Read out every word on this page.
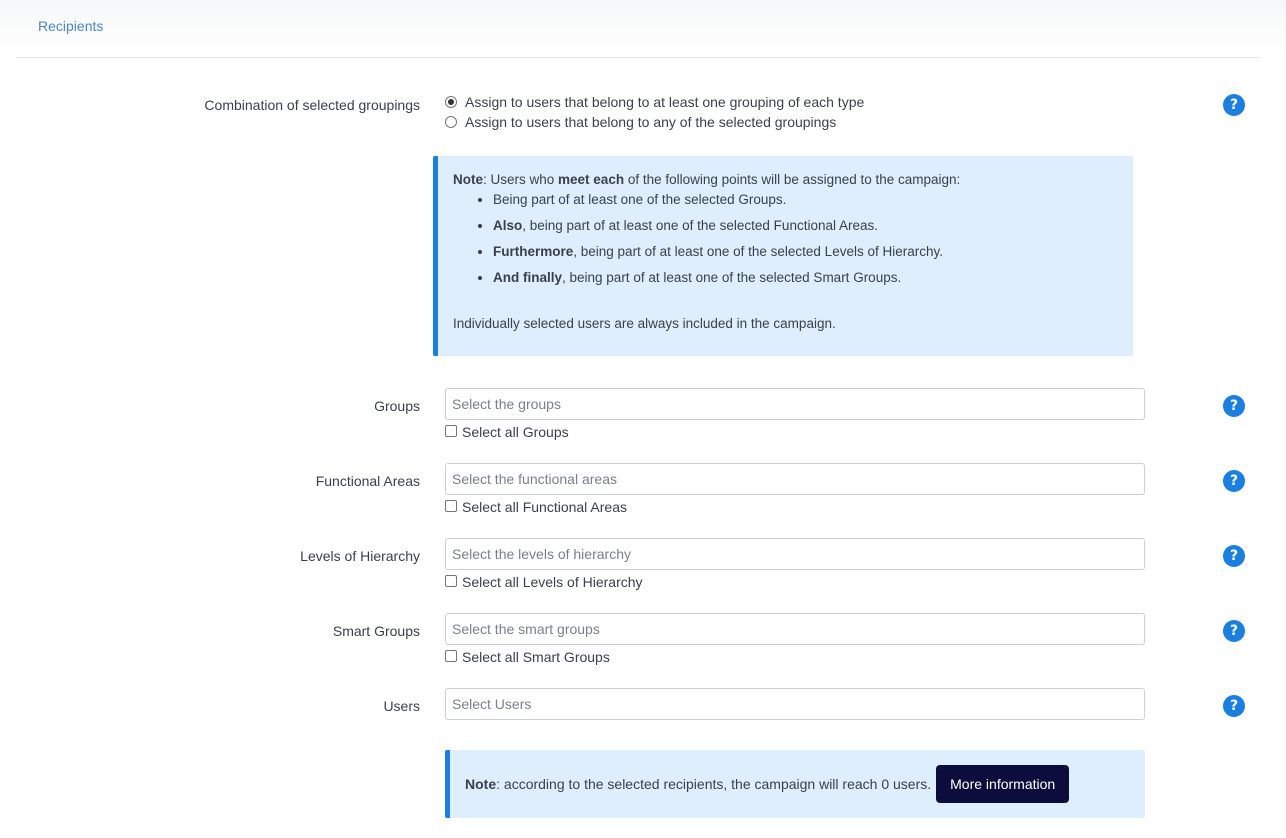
Recipients
Combination of selected groupings	Assign to users that belong to at least one grouping of each type
Assign to users that belong to any of the selected groupings
?
Note: Users who meet each of the following points will be assigned to the campaign:
• Being part of at least one of the selected Groups.
• Also, being part of at least one of the selected Functional Areas.
• Furthermore, being part of at least one of the selected Levels of Hierarchy.
• And finally, being part of at least one of the selected Smart Groups.
Individually selected users are always included in the campaign.
Groups	Select the groups
Select all Groups
?
Functional Areas	Select the functional areas
Select all Functional Areas
?
Levels of Hierarchy	Select the levels of hierarchy
Select all Levels of Hierarchy
?
Smart Groups	Select the smart groups
Select all Smart Groups
?
Users	Select Users	?
Note : according to the selected recipients, the campaign will reach 0 users.	More information
